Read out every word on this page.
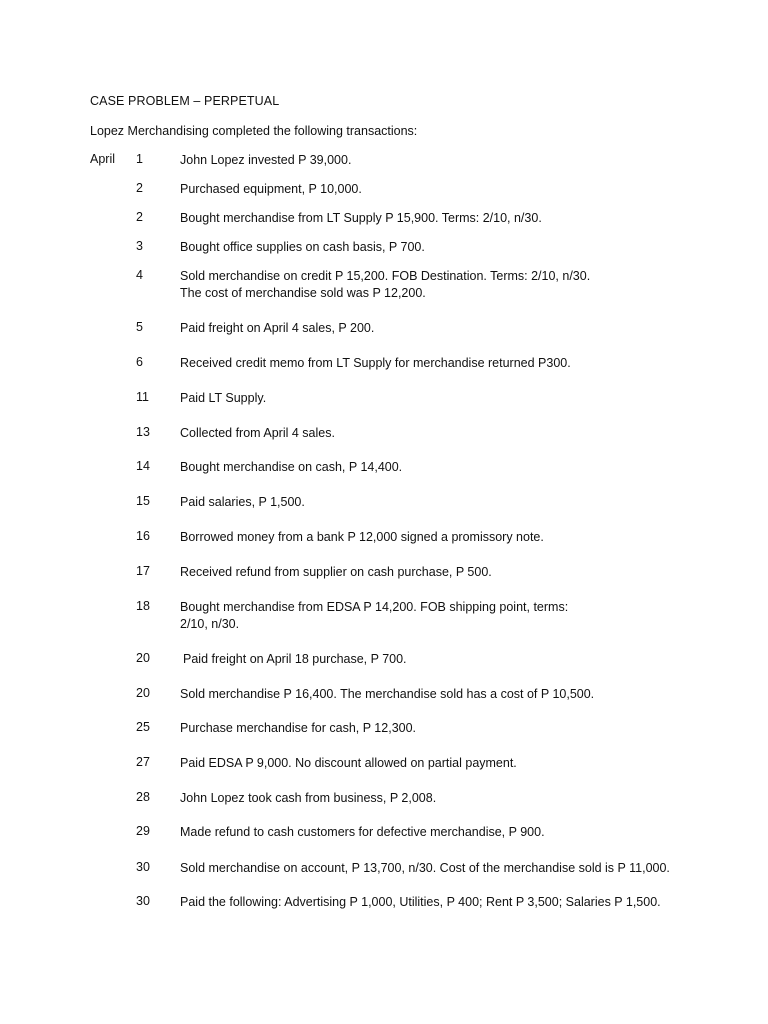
CASE PROBLEM – PERPETUAL
Lopez Merchandising completed the following transactions:
April 1	John Lopez invested P 39,000.
2	Purchased equipment, P 10,000.
2	Bought merchandise from LT Supply P 15,900. Terms: 2/10, n/30.
3	Bought office supplies on cash basis, P 700.
4	Sold merchandise on credit P 15,200. FOB Destination. Terms: 2/10, n/30.
The cost of merchandise sold was P 12,200.
5	Paid freight on April 4 sales, P 200.
6	Received credit memo from LT Supply for merchandise returned P300.
11 Paid LT Supply.
13 Collected from April 4 sales.
14 Bought merchandise on cash, P 14,400.
15 Paid salaries, P 1,500.
16 Borrowed money from a bank P 12,000 signed a promissory note.
17 Received refund from supplier on cash purchase, P 500.
18 Bought merchandise from EDSA P 14,200. FOB shipping point, terms:
2/10, n/30.
20	Paid freight on April 18 purchase, P 700.
20 Sold merchandise P 16,400. The merchandise sold has a cost of P 10,500.
25 Purchase merchandise for cash, P 12,300.
27 Paid EDSA P 9,000. No discount allowed on partial payment.
28 John Lopez took cash from business, P 2,008.
29 Made refund to cash customers for defective merchandise, P 900.
30 Sold merchandise on account, P 13,700, n/30. Cost of the merchandise sold is P 11,000.
30 Paid the following: Advertising P 1,000, Utilities, P 400; Rent P 3,500; Salaries P 1,500.
